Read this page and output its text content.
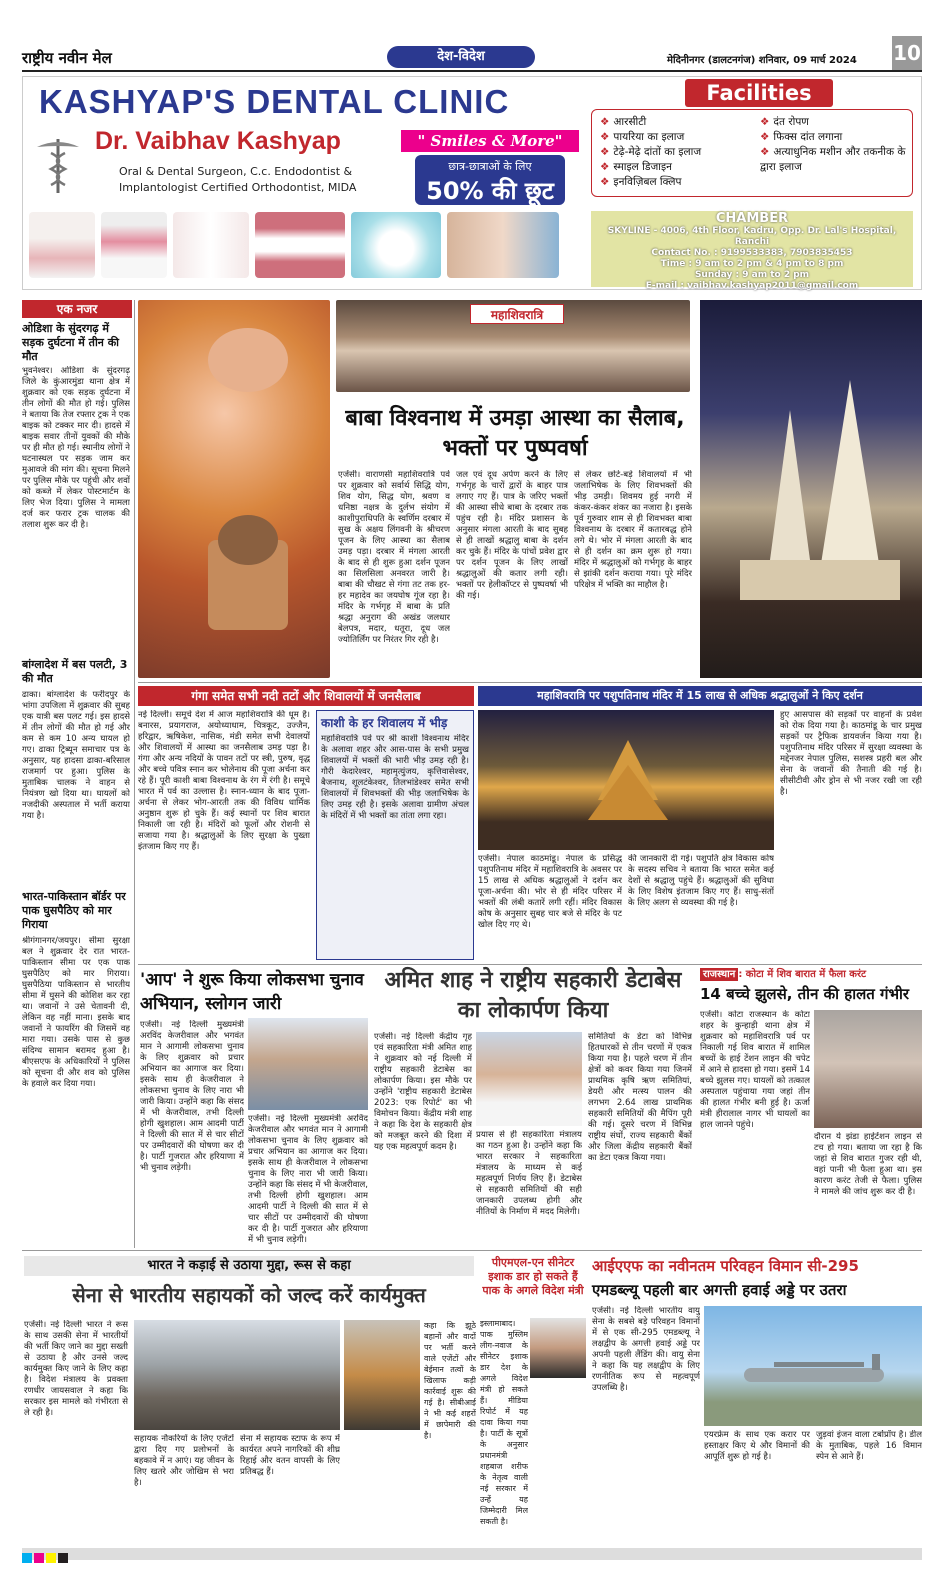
राष्ट्रीय नवीन मेल	देश-विदेश	मेदिनीनगर (डालटनगंज) शनिवार, 09 मार्च 2024 10
KASHYAP'S DENTAL CLINIC
Dr. Vaibhav Kashyap
Oral & Dental Surgeon, C.c. Endodontist &
Implantologist Certified Orthodontist, MIDA
" Smiles & More"
छात्र-छात्राओं के लिए
50% की छूट
Facilities
❖ आरसीटी
❖ पायरिया का इलाज
❖ टेढ़े-मेढ़े दांतों का इलाज
❖ स्माइल डिजाइन
❖ इनविज़िबल क्लिप
❖ दंत रोपण
❖ फिक्स दांत लगाना
❖ अत्याधुनिक मशीन और तकनीक के द्वारा इलाज
CHAMBER
SKYLINE - 4006, 4th Floor, Kadru, Opp. Dr. Lal's Hospital, Ranchi
Contact No. : 9199533383, 7903835453
Time : 9 am to 2 pm & 4 pm to 8 pm
Sunday : 9 am to 2 pm
E-mail : vaibhav.kashyap2011@gmail.com
एक नजर
ओडिशा के सुंदरगढ़ में सड़क दुर्घटना में तीन की मौत
भुवनेश्वर। ओडिशा के सुंदरगढ़ जिले के कुंआरमुंडा थाना क्षेत्र में शुक्रवार को एक सड़क दुर्घटना में तीन लोगों की मौत हो गई। पुलिस ने बताया कि तेज रफ्तार ट्रक ने एक बाइक को टक्कर मार दी। हादसे में बाइक सवार तीनों युवकों की मौके पर ही मौत हो गई। स्थानीय लोगों ने घटनास्थल पर सड़क जाम कर मुआवजे की मांग की। सूचना मिलने पर पुलिस मौके पर पहुंची और शवों को कब्जे में लेकर पोस्टमार्टम के लिए भेज दिया। पुलिस ने मामला दर्ज कर फरार ट्रक चालक की तलाश शुरू कर दी है।
बांग्लादेश में बस पलटी, 3 की मौत
ढाका। बांग्लादेश के फरीदपुर के भांगा उपजिला में शुक्रवार की सुबह एक यात्री बस पलट गई। इस हादसे में तीन लोगों की मौत हो गई और कम से कम 10 अन्य घायल हो गए। ढाका ट्रिब्यून समाचार पत्र के अनुसार, यह हादसा ढाका-बरिसाल राजमार्ग पर हुआ। पुलिस के मुताबिक चालक ने वाहन से नियंत्रण खो दिया था। घायलों को नजदीकी अस्पताल में भर्ती कराया गया है।
भारत-पाकिस्तान बॉर्डर पर पाक घुसपैठिए को मार गिराया
श्रीगंगानगर/जयपुर। सीमा सुरक्षा बल ने शुक्रवार देर रात भारत-पाकिस्तान सीमा पर एक पाक घुसपैठिए को मार गिराया। घुसपैठिया पाकिस्तान से भारतीय सीमा में घुसने की कोशिश कर रहा था। जवानों ने उसे चेतावनी दी, लेकिन वह नहीं माना। इसके बाद जवानों ने फायरिंग की जिसमें वह मारा गया। उसके पास से कुछ संदिग्ध सामान बरामद हुआ है। बीएसएफ के अधिकारियों ने पुलिस को सूचना दी और शव को पुलिस के हवाले कर दिया गया।
महाशिवरात्रि
बाबा विश्वनाथ में उमड़ा आस्था का सैलाब, भक्तों पर पुष्पवर्षा
एजेंसी। वाराणसी महाशिवरात्रि पर्व पर शुक्रवार को सर्वार्थ सिद्धि योग, शिव योग, सिद्ध योग, श्रवण व धनिष्ठा नक्षत्र के दुर्लभ संयोग में काशीपुराधिपति के स्वर्णिम दरबार में सुख के अक्षय लिंगवनी के श्रीचरण पूजन के लिए आस्था का सैलाब उमड़ पड़ा। दरबार में मंगला आरती के बाद से ही शुरू हुआ दर्शन पूजन का सिलसिला अनवरत जारी है। बाबा की चौखट से गंगा तट तक हर-हर महादेव का जयघोष गूंज रहा है। मंदिर के गर्भगृह में बाबा के प्रति श्रद्धा अनुराग की अखंड जलधार बेलपत्र, मदार, धतूरा, दूध जल ज्योतिर्लिंग पर निरंतर गिर रही है।
जल एवं दूध अर्पण करने के लिए गर्भगृह के चारों द्वारों के बाहर पात्र लगाए गए हैं। पात्र के जरिए भक्तों की आस्था सीधे बाबा के दरबार तक पहुंच रही है। मंदिर प्रशासन के अनुसार मंगला आरती के बाद सुबह से ही लाखों श्रद्धालु बाबा के दर्शन कर चुके हैं। मंदिर के पांचों प्रवेश द्वार पर दर्शन पूजन के लिए लाखों श्रद्धालुओं की कतार लगी रही। भक्तों पर हेलीकॉप्टर से पुष्पवर्षा भी की गई।
से लेकर छोटे-बड़े शिवालयों में भी जलाभिषेक के लिए शिवभक्तों की भीड़ उमड़ी। शिवमय हुई नगरी में कंकर-कंकर शंकर का नजारा है। इसके पूर्व गुरुवार शाम से ही शिवभक्त बाबा विश्वनाथ के दरबार में कतारबद्ध होने लगे थे। भोर में मंगला आरती के बाद से ही दर्शन का क्रम शुरू हो गया। मंदिर में श्रद्धालुओं को गर्भगृह के बाहर से झांकी दर्शन कराया गया। पूरे मंदिर परिक्षेत्र में भक्ति का माहौल है।
गंगा समेत सभी नदी तटों और शिवालयों में जनसैलाब
नई दिल्ली। समूचे देश में आज महाशिवरात्रि की धूम है। बनारस, प्रयागराज, अयोध्याधाम, चित्रकूट, उज्जैन, हरिद्वार, ऋषिकेश, नासिक, मंडी समेत सभी देवालयों और शिवालयों में आस्था का जनसैलाब उमड़ पड़ा है। गंगा और अन्य नदियों के पावन तटों पर स्त्री, पुरुष, वृद्ध और बच्चे पवित्र स्नान कर भोलेनाथ की पूजा अर्चना कर रहे हैं। पूरी काशी बाबा विश्वनाथ के रंग में रंगी है। समूचे भारत में पर्व का उल्लास है। स्नान-ध्यान के बाद पूजा-अर्चना से लेकर भोग-आरती तक की विविध धार्मिक अनुष्ठान शुरू हो चुके हैं। कई स्थानों पर शिव बारात निकाली जा रही है। मंदिरों को फूलों और रोशनी से सजाया गया है। श्रद्धालुओं के लिए सुरक्षा के पुख्ता इंतजाम किए गए हैं।
काशी के हर शिवालय में भीड़
महाशिवरात्रि पर्व पर श्री काशी विश्वनाथ मंदिर के अलावा शहर और आस-पास के सभी प्रमुख शिवालयों में भक्तों की भारी भीड़ उमड़ रही है। गौरी केदारेश्वर, महामृत्युंजय, कृत्तिवासेश्वर, बैजनाथ, शूलटंकेश्वर, तिलभांडेश्वर समेत सभी शिवालयों में शिवभक्तों की भीड़ जलाभिषेक के लिए उमड़ रही है। इसके अलावा ग्रामीण अंचल के मंदिरों में भी भक्तों का तांता लगा रहा।
महाशिवरात्रि पर पशुपतिनाथ मंदिर में 15 लाख से अधिक श्रद्धालुओं ने किए दर्शन
एजेंसी। नेपाल काठमांडू। नेपाल के प्रसिद्ध पशुपतिनाथ मंदिर में महाशिवरात्रि के अवसर पर 15 लाख से अधिक श्रद्धालुओं ने दर्शन कर पूजा-अर्चना की। भोर से ही मंदिर परिसर में भक्तों की लंबी कतारें लगी रहीं। मंदिर विकास कोष के अनुसार सुबह चार बजे से मंदिर के पट खोल दिए गए थे।
की जानकारी दी गई। पशुपति क्षेत्र विकास कोष के सदस्य सचिव ने बताया कि भारत समेत कई देशों से श्रद्धालु पहुंचे हैं। श्रद्धालुओं की सुविधा के लिए विशेष इंतजाम किए गए हैं। साधु-संतों के लिए अलग से व्यवस्था की गई है।
हुए आसपास की सड़कों पर वाहनों के प्रवेश को रोक दिया गया है। काठमांडू के चार प्रमुख सड़कों पर ट्रैफिक डायवर्जन किया गया है। पशुपतिनाथ मंदिर परिसर में सुरक्षा व्यवस्था के मद्देनजर नेपाल पुलिस, सशस्त्र प्रहरी बल और सेना के जवानों की तैनाती की गई है। सीसीटीवी और ड्रोन से भी नजर रखी जा रही है।
'आप' ने शुरू किया लोकसभा चुनाव अभियान, स्लोगन जारी
एजेंसी। नई दिल्ली मुख्यमंत्री अरविंद केजरीवाल और भगवंत मान ने आगामी लोकसभा चुनाव के लिए शुक्रवार को प्रचार अभियान का आगाज कर दिया। इसके साथ ही केजरीवाल ने लोकसभा चुनाव के लिए नारा भी जारी किया। उन्होंने कहा कि संसद में भी केजरीवाल, तभी दिल्ली होगी खुशहाल। आम आदमी पार्टी ने दिल्ली की सात में से चार सीटों पर उम्मीदवारों की घोषणा कर दी है। पार्टी गुजरात और हरियाणा में भी चुनाव लड़ेगी।
एजेंसी। नई दिल्ली मुख्यमंत्री अरविंद केजरीवाल और भगवंत मान ने आगामी लोकसभा चुनाव के लिए शुक्रवार को प्रचार अभियान का आगाज कर दिया। इसके साथ ही केजरीवाल ने लोकसभा चुनाव के लिए नारा भी जारी किया। उन्होंने कहा कि संसद में भी केजरीवाल, तभी दिल्ली होगी खुशहाल। आम आदमी पार्टी ने दिल्ली की सात में से चार सीटों पर उम्मीदवारों की घोषणा कर दी है। पार्टी गुजरात और हरियाणा में भी चुनाव लड़ेगी।
अमित शाह ने राष्ट्रीय सहकारी डेटाबेस का लोकार्पण किया
एजेंसी। नई दिल्ली केंद्रीय गृह एवं सहकारिता मंत्री अमित शाह ने शुक्रवार को नई दिल्ली में राष्ट्रीय सहकारी डेटाबेस का लोकार्पण किया। इस मौके पर उन्होंने 'राष्ट्रीय सहकारी डेटाबेस 2023: एक रिपोर्ट' का भी विमोचन किया। केंद्रीय मंत्री शाह ने कहा कि देश के सहकारी क्षेत्र को मजबूत करने की दिशा में यह एक महत्वपूर्ण कदम है।
प्रयास से ही सहकारिता मंत्रालय का गठन हुआ है। उन्होंने कहा कि भारत सरकार ने सहकारिता मंत्रालय के माध्यम से कई महत्वपूर्ण निर्णय लिए हैं। डेटाबेस से सहकारी समितियों की सही जानकारी उपलब्ध होगी और नीतियों के निर्माण में मदद मिलेगी।
समितियों के डेटा को विभिन्न हितधारकों से तीन चरणों में एकत्र किया गया है। पहले चरण में तीन क्षेत्रों को कवर किया गया जिनमें प्राथमिक कृषि ऋण समितियां, डेयरी और मत्स्य पालन की लगभग 2.64 लाख प्राथमिक सहकारी समितियों की मैपिंग पूरी की गई। दूसरे चरण में विभिन्न राष्ट्रीय संघों, राज्य सहकारी बैंकों और जिला केंद्रीय सहकारी बैंकों का डेटा एकत्र किया गया।
राजस्थान : कोटा में शिव बारात में फैला करंट
14 बच्चे झुलसे, तीन की हालत गंभीर
एजेंसी। कोटा राजस्थान के कोटा शहर के कुन्हाड़ी थाना क्षेत्र में शुक्रवार को महाशिवरात्रि पर्व पर निकाली गई शिव बारात में शामिल बच्चों के हाई टेंशन लाइन की चपेट में आने से हादसा हो गया। इसमें 14 बच्चे झुलस गए। घायलों को तत्काल अस्पताल पहुंचाया गया जहां तीन की हालत गंभीर बनी हुई है। ऊर्जा मंत्री हीरालाल नागर भी घायलों का हाल जानने पहुंचे।
दौरान ये झंडा हाईटेंशन लाइन से टच हो गया। बताया जा रहा है कि जहां से शिव बारात गुजर रही थी, वहां पानी भी फैला हुआ था। इस कारण करंट तेजी से फैला। पुलिस ने मामले की जांच शुरू कर दी है।
भारत ने कड़ाई से उठाया मुद्दा, रूस से कहा
सेना से भारतीय सहायकों को जल्द करें कार्यमुक्त
एजेंसी। नई दिल्ली भारत ने रूस के साथ उसकी सेना में भारतीयों की भर्ती किए जाने का मुद्दा सख्ती से उठाया है और उनसे जल्द कार्यमुक्त किए जाने के लिए कहा है। विदेश मंत्रालय के प्रवक्ता रणधीर जायसवाल ने कहा कि सरकार इस मामले को गंभीरता से ले रही है।
सहायक नौकरियों के लिए एजेंटों द्वारा दिए गए प्रलोभनों के बहकावे में न आएं। यह जीवन के लिए खतरे और जोखिम से भरा है।
सेना में सहायक स्टाफ के रूप में कार्यरत अपने नागरिकों की शीघ्र रिहाई और वतन वापसी के लिए प्रतिबद्ध हैं।
कहा कि झूठे बहानों और वादों पर भर्ती करने वाले एजेंटों और बेईमान तत्वों के खिलाफ कड़ी कार्रवाई शुरू की गई है। सीबीआई ने भी कई शहरों में छापेमारी की है।
पीएमएल-एन सीनेटर इशाक डार हो सकते हैं पाक के अगले विदेश मंत्री
इस्लामाबाद। पाक मुस्लिम लीग-नवाज के सीनेटर इशाक डार देश के अगले विदेश मंत्री हो सकते हैं। मीडिया रिपोर्ट में यह दावा किया गया है। पार्टी के सूत्रों के अनुसार प्रधानमंत्री शहबाज शरीफ के नेतृत्व वाली नई सरकार में उन्हें यह जिम्मेदारी मिल सकती है।
आईएएफ का नवीनतम परिवहन विमान सी-295
एमडब्ल्यू पहली बार अगत्ती हवाई अड्डे पर उतरा
एजेंसी। नई दिल्ली भारतीय वायु सेना के सबसे बड़े परिवहन विमानों में से एक सी-295 एमडब्ल्यू ने लक्षद्वीप के अगत्ती हवाई अड्डे पर अपनी पहली लैंडिंग की। वायु सेना ने कहा कि यह लक्षद्वीप के लिए रणनीतिक रूप से महत्वपूर्ण उपलब्धि है।
एयरफ्रेम के साथ एक करार पर हस्ताक्षर किए थे और विमानों की आपूर्ति शुरू हो गई है।
जुड़वां इंजन वाला टर्बोप्रॉप है। डील के मुताबिक, पहले 16 विमान स्पेन से आने हैं।
